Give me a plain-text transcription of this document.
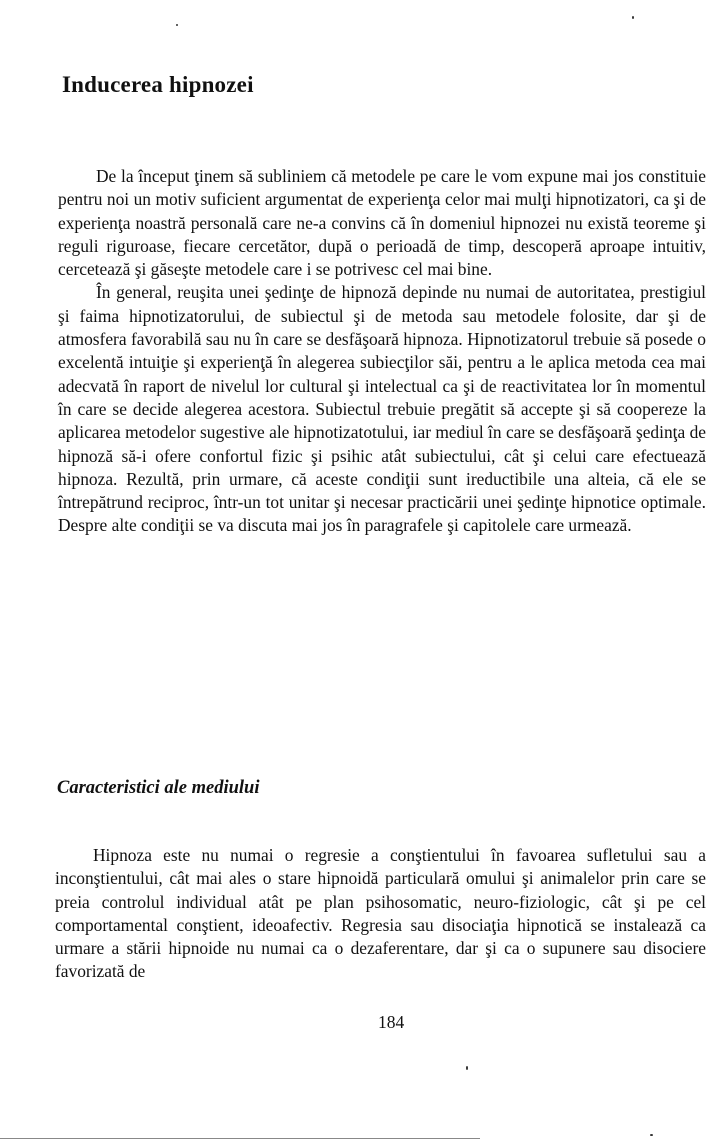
Inducerea hipnozei

De la început ţinem să subliniem că metodele pe care le vom expune mai jos constituie pentru noi un motiv suficient argumentat de experienţa celor mai mulţi hipnotizatori, ca şi de experienţa noastră personală care ne-a convins că în domeniul hipnozei nu există teoreme şi reguli riguroase, fiecare cercetător, după o perioadă de timp, descoperă aproape intuitiv, cercetează şi găseşte metodele care i se potrivesc cel mai bine.

În general, reuşita unei şedinţe de hipnoză depinde nu numai de autoritatea, prestigiul şi faima hipnotizatorului, de subiectul şi de metoda sau metodele folosite, dar şi de atmosfera favorabilă sau nu în care se desfăşoară hipnoza. Hipnotizatorul trebuie să posede o excelentă intuiţie şi experienţă în alegerea subiecţilor săi, pentru a le aplica metoda cea mai adecvată în raport de nivelul lor cultural şi intelectual ca şi de reactivitatea lor în momentul în care se decide alegerea acestora. Subiectul trebuie pregătit să accepte şi să coopereze la aplicarea metodelor sugestive ale hipnotizatotului, iar mediul în care se desfăşoară şedinţa de hipnoză să-i ofere confortul fizic şi psihic atât subiectului, cât şi celui care efectuează hipnoza. Rezultă, prin urmare, că aceste condiţii sunt ireductibile una alteia, că ele se întrepătrund reciproc, într-un tot unitar şi necesar practicării unei şedinţe hipnotice optimale. Despre alte condiţii se va discuta mai jos în paragrafele şi capitolele care urmează.

Caracteristici ale mediului

Hipnoza este nu numai o regresie a conştientului în favoarea sufletului sau a inconştientului, cât mai ales o stare hipnoidă particulară omului şi animalelor prin care se preia controlul individual atât pe plan psihosomatic, neuro-fiziologic, cât şi pe cel comportamental conştient, ideoafectiv. Regresia sau disociaţia hipnotică se instalează ca urmare a stării hipnoide nu numai ca o dezaferentare, dar şi ca o supunere sau disociere favorizată de

184
